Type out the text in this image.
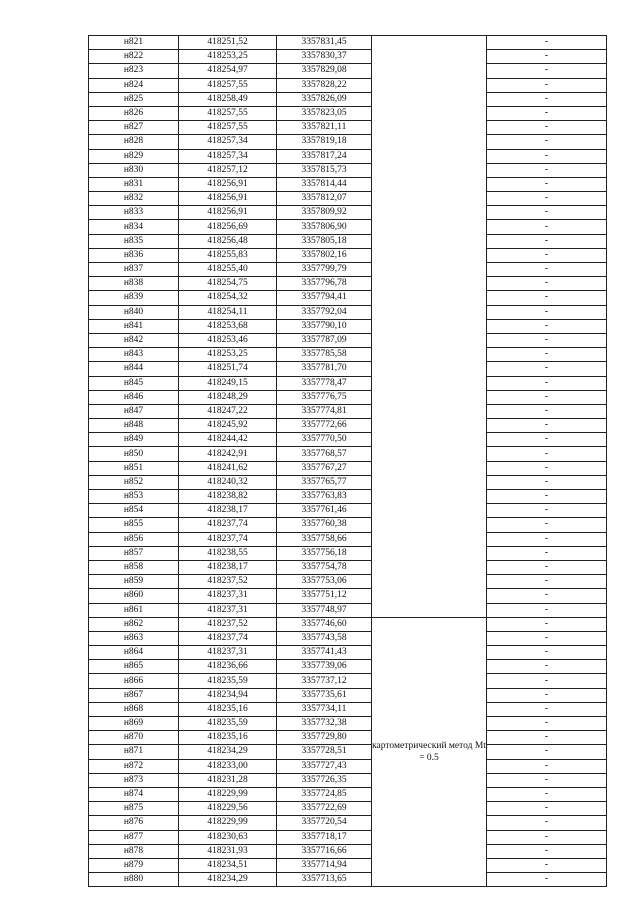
н821	418251,52	3357831,45		-
н822	418253,25	3357830,37		-
н823	418254,97	3357829,08		-
н824	418257,55	3357828,22		-
н825	418258,49	3357826,09		-
н826	418257,55	3357823,05		-
н827	418257,55	3357821,11		-
н828	418257,34	3357819,18		-
н829	418257,34	3357817,24		-
н830	418257,12	3357815,73		-
н831	418256,91	3357814,44		-
н832	418256,91	3357812,07		-
н833	418256,91	3357809,92		-
н834	418256,69	3357806,90		-
н835	418256,48	3357805,18		-
н836	418255,83	3357802,16		-
н837	418255,40	3357799,79		-
н838	418254,75	3357796,78		-
н839	418254,32	3357794,41		-
н840	418254,11	3357792,04		-
н841	418253,68	3357790,10		-
н842	418253,46	3357787,09		-
н843	418253,25	3357785,58		-
н844	418251,74	3357781,70		-
н845	418249,15	3357778,47		-
н846	418248,29	3357776,75		-
н847	418247,22	3357774,81		-
н848	418245,92	3357772,66		-
н849	418244,42	3357770,50		-
н850	418242,91	3357768,57		-
н851	418241,62	3357767,27		-
н852	418240,32	3357765,77		-
н853	418238,82	3357763,83		-
н854	418238,17	3357761,46		-
н855	418237,74	3357760,38		-
н856	418237,74	3357758,66		-
н857	418238,55	3357756,18		-
н858	418238,17	3357754,78		-
н859	418237,52	3357753,06		-
н860	418237,31	3357751,12		-
н861	418237,31	3357748,97		-
н862	418237,52	3357746,60	картометрический метод Mt = 0.5	-
н863	418237,74	3357743,58		-
н864	418237,31	3357741,43		-
н865	418236,66	3357739,06		-
н866	418235,59	3357737,12		-
н867	418234,94	3357735,61		-
н868	418235,16	3357734,11		-
н869	418235,59	3357732,38		-
н870	418235,16	3357729,80		-
н871	418234,29	3357728,51		-
н872	418233,00	3357727,43		-
н873	418231,28	3357726,35		-
н874	418229,99	3357724,85		-
н875	418229,56	3357722,69		-
н876	418229,99	3357720,54		-
н877	418230,63	3357718,17		-
н878	418231,93	3357716,66		-
н879	418234,51	3357714,94		-
н880	418234,29	3357713,65		-
